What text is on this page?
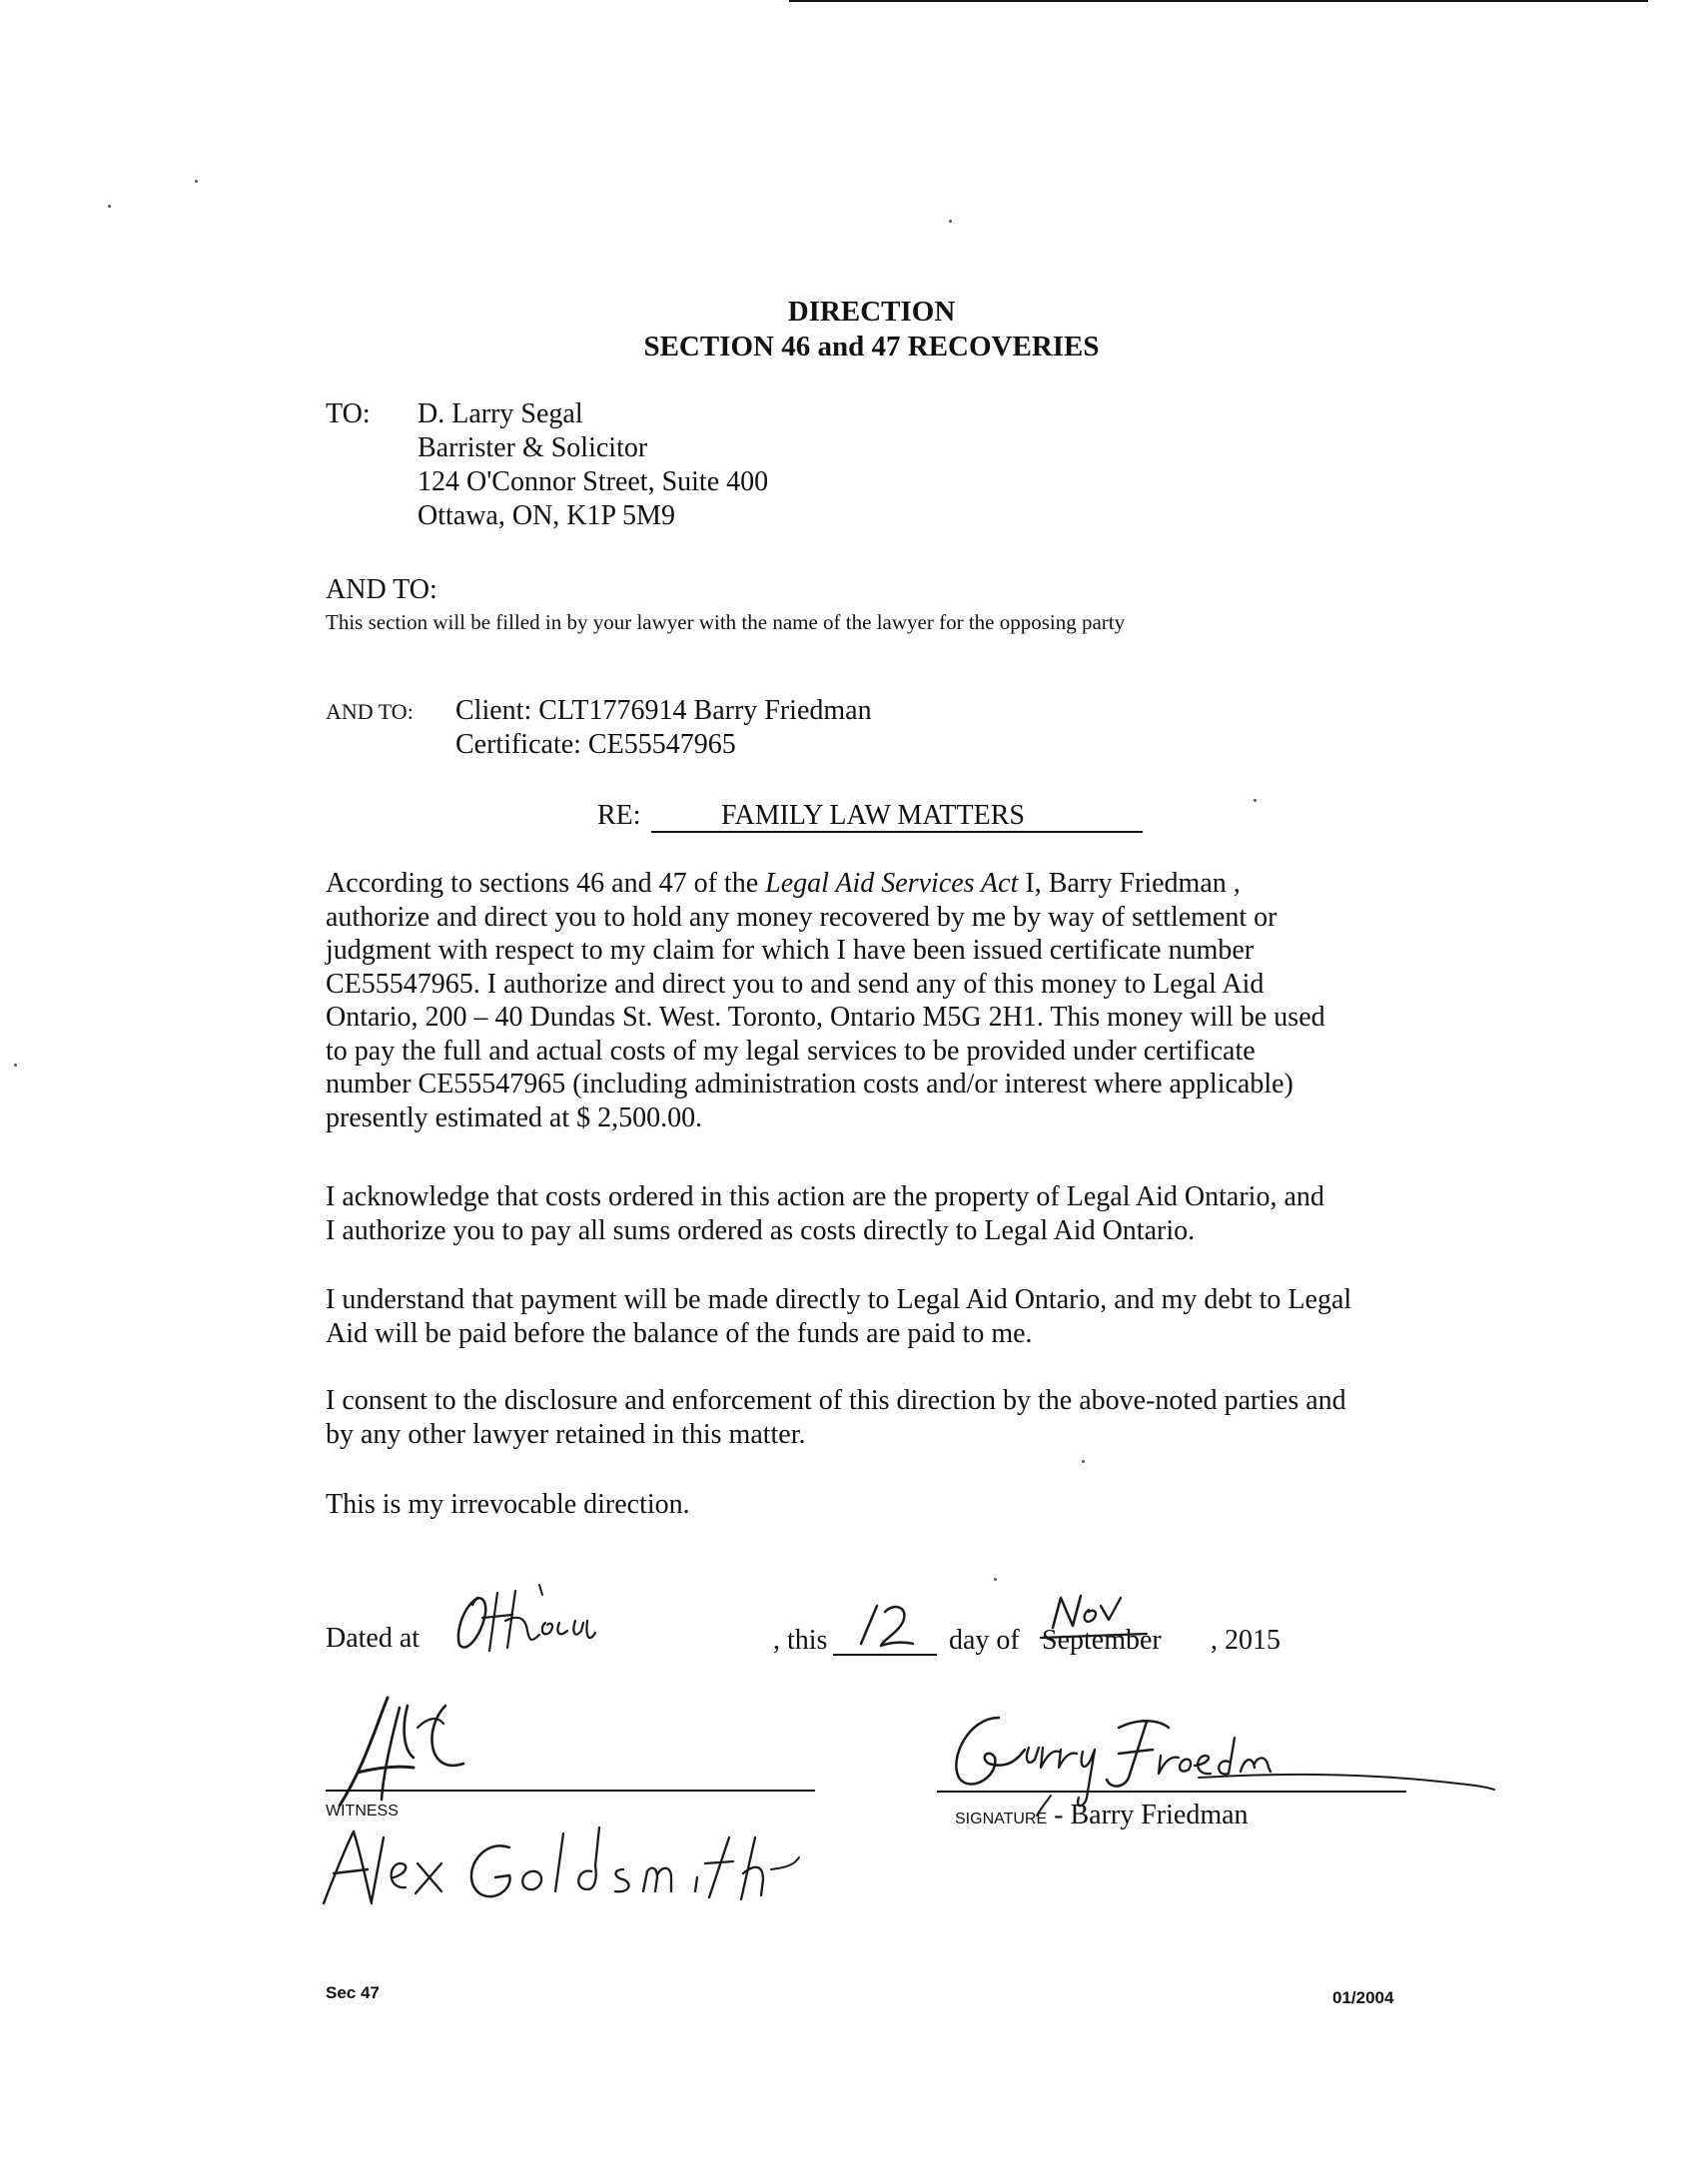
DIRECTION
SECTION 46 and 47 RECOVERIES
TO: D. Larry Segal
Barrister & Solicitor
124 O'Connor Street, Suite 400
Ottawa, ON, K1P 5M9
AND TO:
This section will be filled in by your lawyer with the name of the lawyer for the opposing party
AND TO: Client: CLT1776914 Barry Friedman
Certificate: CE55547965
RE:	FAMILY LAW MATTERS

According to sections 46 and 47 of the Legal Aid Services Act I, Barry Friedman ,

authorize and direct you to hold any money recovered by me by way of settlement or

judgment with respect to my claim for which I have been issued certificate number

CE55547965. I authorize and direct you to and send any of this money to Legal Aid

Ontario, 200 – 40 Dundas St. West. Toronto, Ontario M5G 2H1. This money will be used

to pay the full and actual costs of my legal services to be provided under certificate

number CE55547965 (including administration costs and/or interest where applicable)

presently estimated at $ 2,500.00.

I acknowledge that costs ordered in this action are the property of Legal Aid Ontario, and

I authorize you to pay all sums ordered as costs directly to Legal Aid Ontario.

I understand that payment will be made directly to Legal Aid Ontario, and my debt to Legal

Aid will be paid before the balance of the funds are paid to me.

I consent to the disclosure and enforcement of this direction by the above-noted parties and

by any other lawyer retained in this matter.

This is my irrevocable direction.

Dated at	, this	day of September , 2015
WITNESS	SIGNATURE - Barry Friedman
Sec 47	01/2004
